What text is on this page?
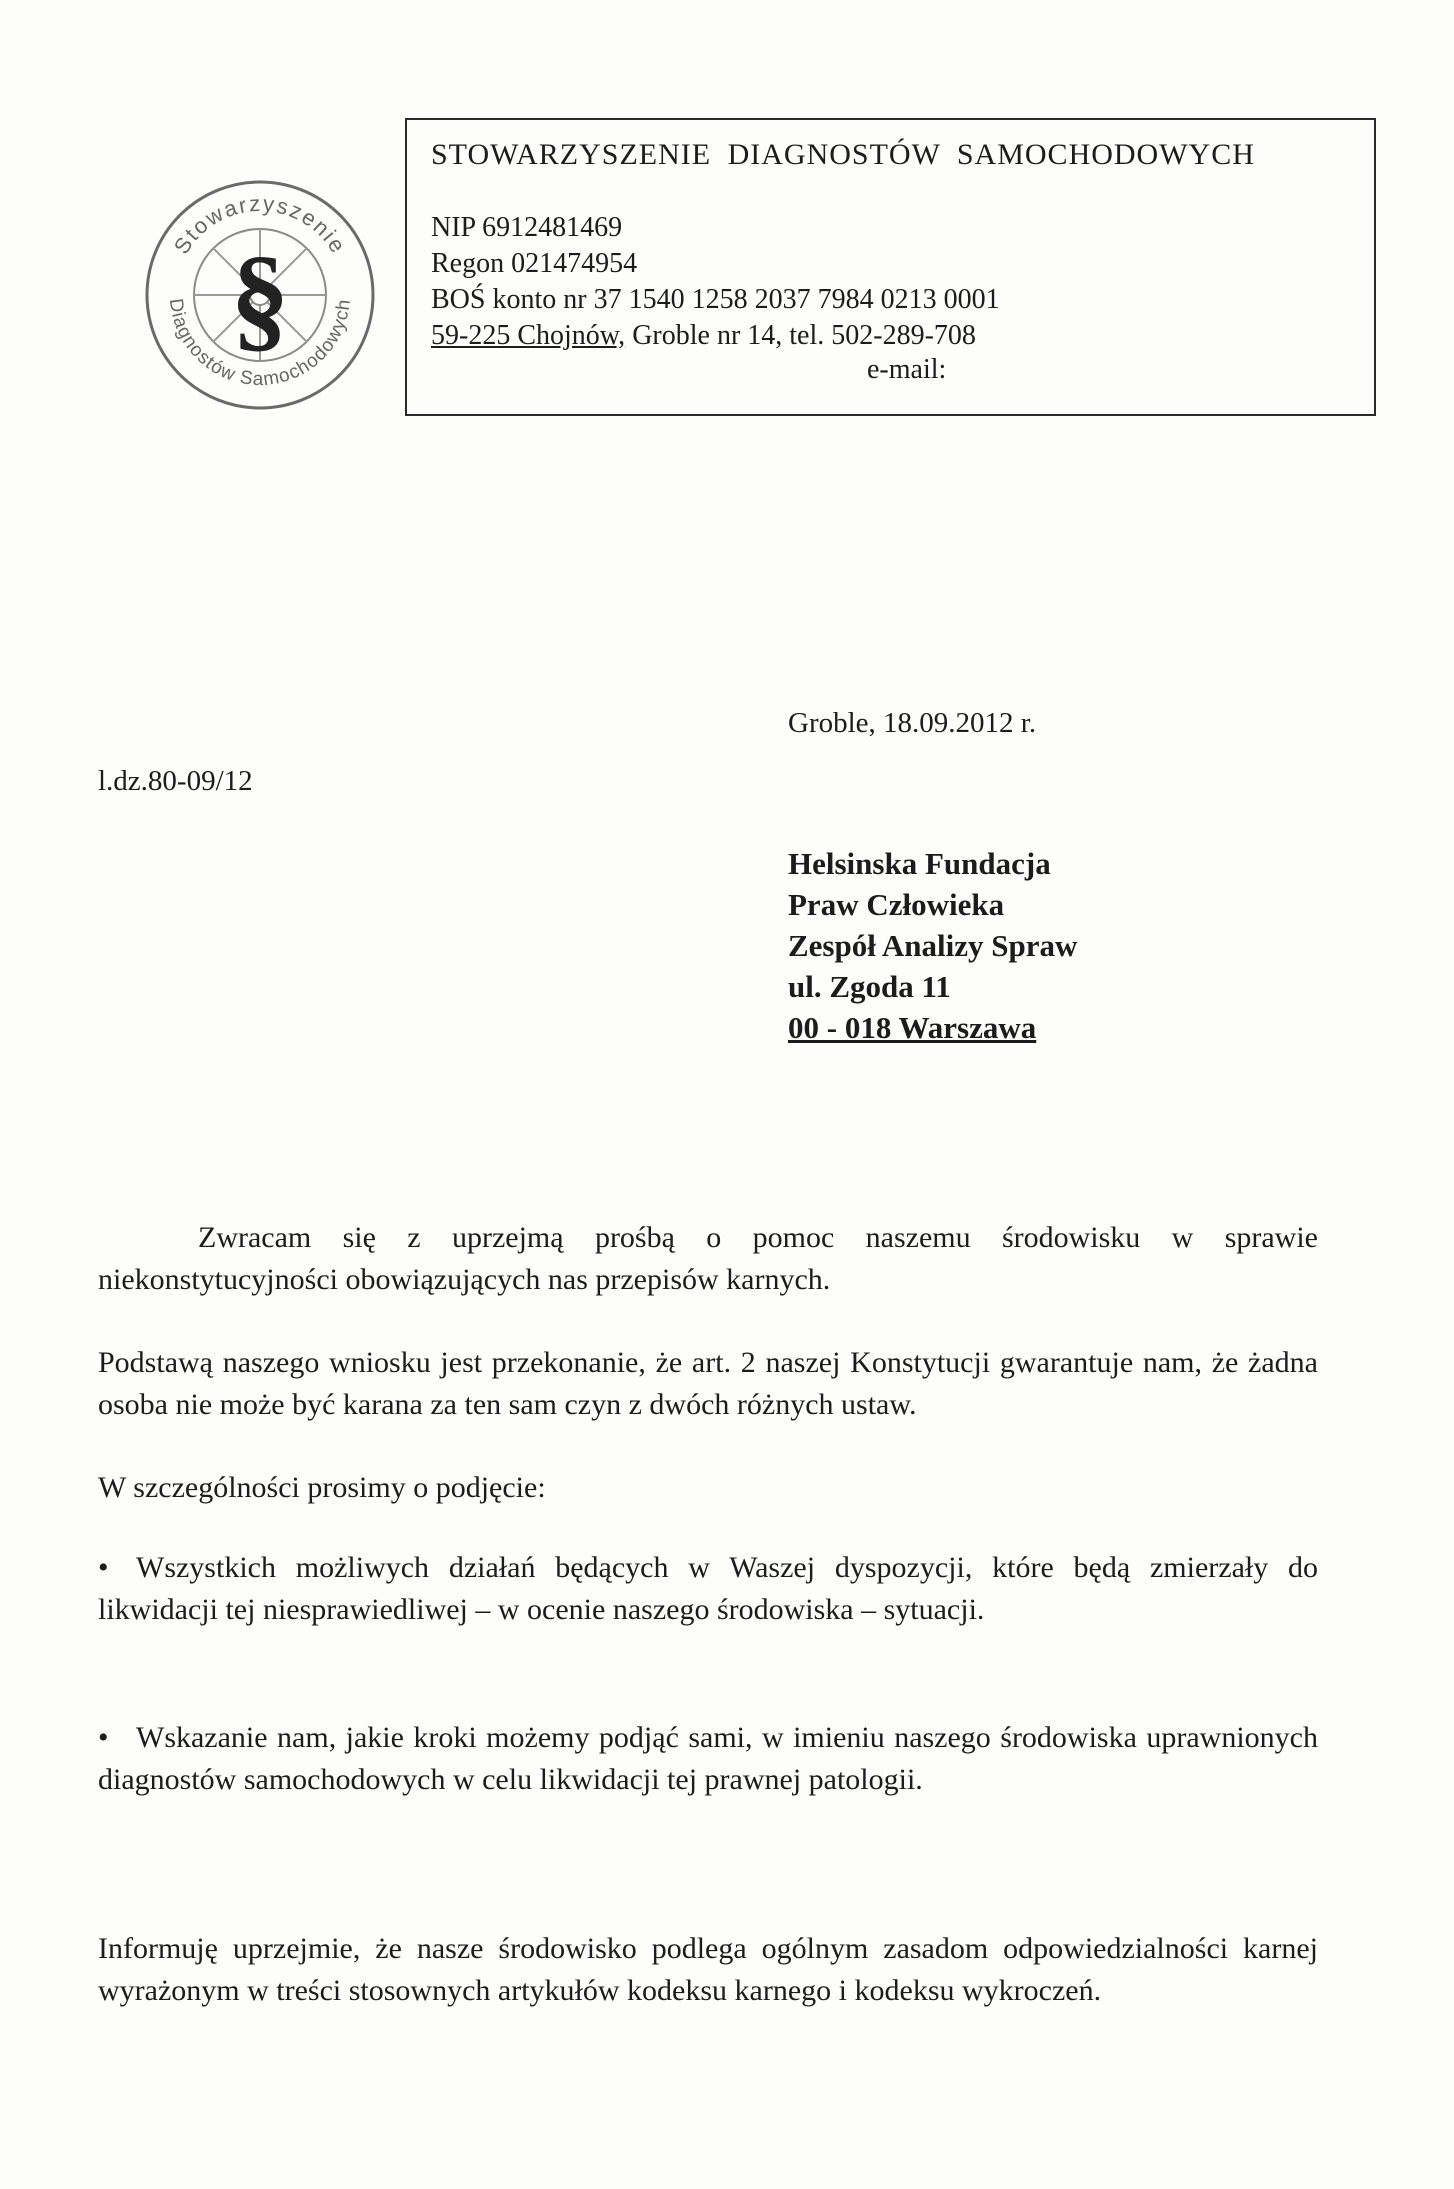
§
Stowarzyszenie
Diagnostów Samochodowych
STOWARZYSZENIE DIAGNOSTÓW SAMOCHODOWYCH
NIP 6912481469
Regon 021474954
BOŚ konto nr 37 1540 1258 2037 7984 0213 0001
59-225 Chojnów, Groble nr 14, tel. 502-289-708
e-mail:
Groble, 18.09.2012 r.
l.dz.80-09/12
Helsinska Fundacja
Praw Człowieka
Zespół Analizy Spraw
ul. Zgoda 11
00 - 018 Warszawa
Zwracam się z uprzejmą prośbą o pomoc naszemu środowisku w sprawie niekonstytucyjności obowiązujących nas przepisów karnych.
Podstawą naszego wniosku jest przekonanie, że art. 2 naszej Konstytucji gwarantuje nam, że żadna osoba nie może być karana za ten sam czyn z dwóch różnych ustaw.
W szczególności prosimy o podjęcie:
• Wszystkich możliwych działań będących w Waszej dyspozycji, które będą zmierzały do likwidacji tej niesprawiedliwej – w ocenie naszego środowiska – sytuacji.
• Wskazanie nam, jakie kroki możemy podjąć sami, w imieniu naszego środowiska uprawnionych diagnostów samochodowych w celu likwidacji tej prawnej patologii.
Informuję uprzejmie, że nasze środowisko podlega ogólnym zasadom odpowiedzialności karnej wyrażonym w treści stosownych artykułów kodeksu karnego i kodeksu wykroczeń.
